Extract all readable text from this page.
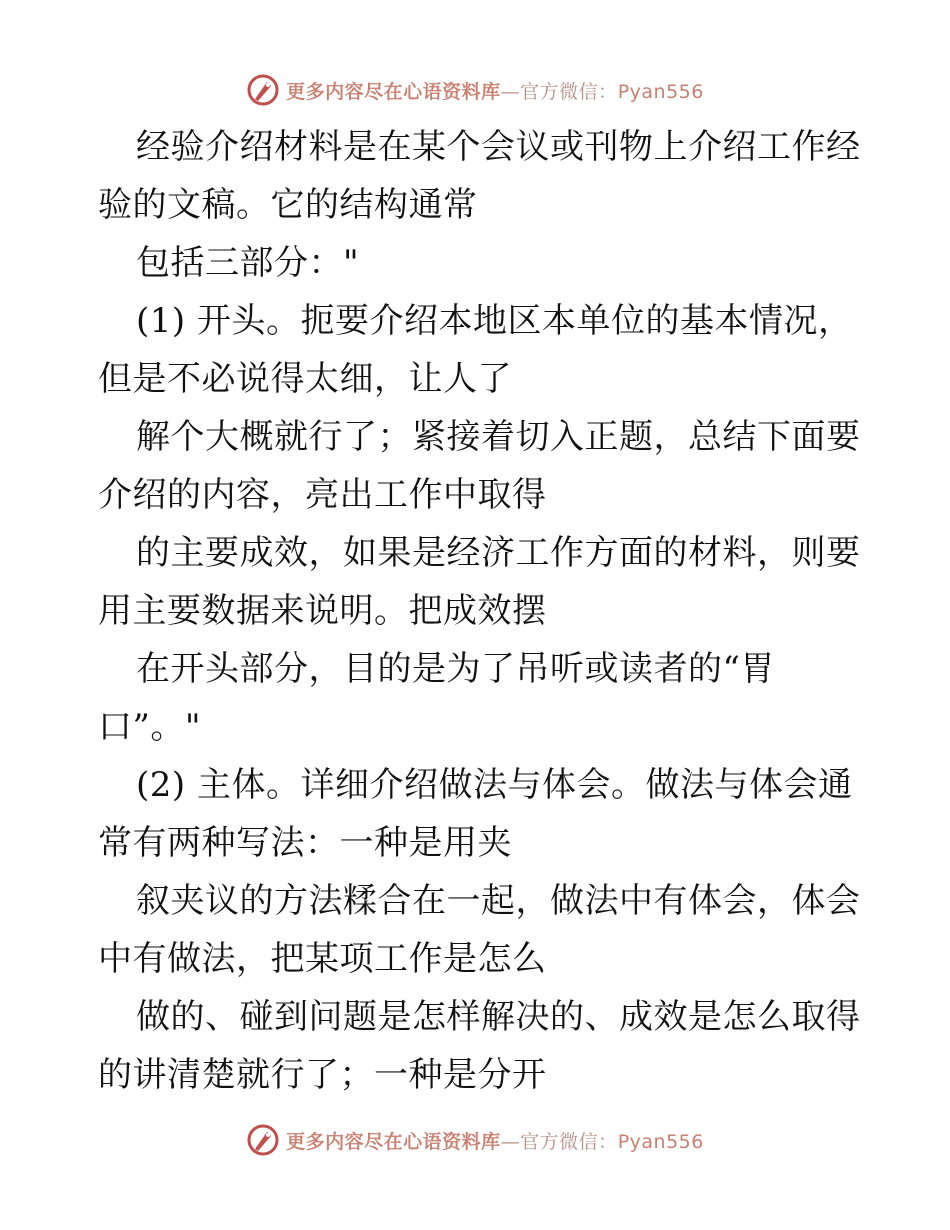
更多内容尽在心语资料库—官方微信：Pyan556
经验介绍材料是在某个会议或刊物上介绍工作经
验的文稿。它的结构通常
包括三部分："
(1) 开头。扼要介绍本地区本单位的基本情况，
但是不必说得太细，让人了
解个大概就行了；紧接着切入正题，总结下面要
介绍的内容，亮出工作中取得
的主要成效，如果是经济工作方面的材料，则要
用主要数据来说明。把成效摆
在开头部分，目的是为了吊听或读者的“胃
口”。"
(2) 主体。详细介绍做法与体会。做法与体会通
常有两种写法：一种是用夹
叙夹议的方法糅合在一起，做法中有体会，体会
中有做法，把某项工作是怎么
做的、碰到问题是怎样解决的、成效是怎么取得
的讲清楚就行了；一种是分开
更多内容尽在心语资料库—官方微信：Pyan556
